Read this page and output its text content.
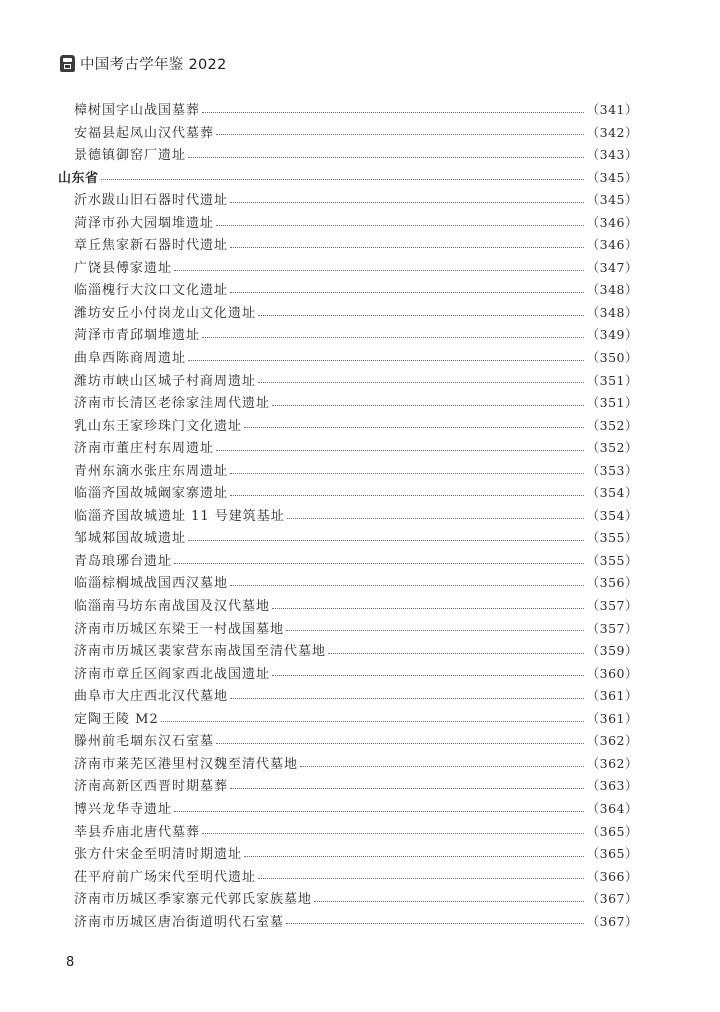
中国考古学年鉴 2022
樟树国字山战国墓葬	（341）
安福县起凤山汉代墓葬	（342）
景德镇御窑厂遗址	（343）
山东省	（345）
沂水跋山旧石器时代遗址	（345）
菏泽市孙大园堌堆遗址	（346）
章丘焦家新石器时代遗址	（346）
广饶县傅家遗址	（347）
临淄槐行大汶口文化遗址	（348）
潍坊安丘小付岗龙山文化遗址	（348）
菏泽市青邱堌堆遗址	（349）
曲阜西陈商周遗址	（350）
潍坊市峡山区城子村商周遗址	（351）
济南市长清区老徐家洼周代遗址	（351）
乳山东王家珍珠门文化遗址	（352）
济南市董庄村东周遗址	（352）
青州东滴水张庄东周遗址	（353）
临淄齐国故城阚家寨遗址	（354）
临淄齐国故城遗址 11 号建筑基址	（354）
邹城邾国故城遗址	（355）
青岛琅琊台遗址	（355）
临淄棕榈城战国西汉墓地	（356）
临淄南马坊东南战国及汉代墓地	（357）
济南市历城区东梁王一村战国墓地	（357）
济南市历城区裴家营东南战国至清代墓地	（359）
济南市章丘区阎家西北战国遗址	（360）
曲阜市大庄西北汉代墓地	（361）
定陶王陵 M2	（361）
滕州前毛堌东汉石室墓	（362）
济南市莱芜区港里村汉魏至清代墓地	（362）
济南高新区西晋时期墓葬	（363）
博兴龙华寺遗址	（364）
莘县乔庙北唐代墓葬	（365）
张方什宋金至明清时期遗址	（365）
茌平府前广场宋代至明代遗址	（366）
济南市历城区季家寨元代郭氏家族墓地	（367）
济南市历城区唐冶街道明代石室墓	（367）
8
